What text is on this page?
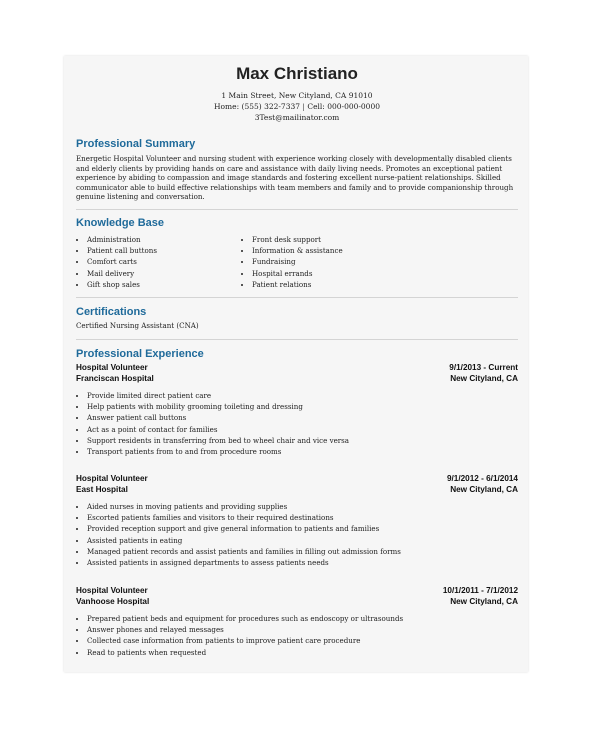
Max Christiano
1 Main Street, New Cityland, CA 91010
Home: (555) 322-7337 | Cell: 000-000-0000
3Test@mailinator.com
Professional Summary
Energetic Hospital Volunteer and nursing student with experience working closely with developmentally disabled clients and elderly clients by providing hands on care and assistance with daily living needs. Promotes an exceptional patient experience by abiding to compassion and image standards and fostering excellent nurse-patient relationships. Skilled communicator able to build effective relationships with team members and family and to provide companionship through genuine listening and conversation.
Knowledge Base
• Administration
• Patient call buttons
• Comfort carts
• Mail delivery
• Gift shop sales
• Front desk support
• Information & assistance
• Fundraising
• Hospital errands
• Patient relations
Certifications
Certified Nursing Assistant (CNA)
Professional Experience
Hospital Volunteer	9/1/2013 - Current
Franciscan Hospital	New Cityland, CA
• Provide limited direct patient care
• Help patients with mobility grooming toileting and dressing
• Answer patient call buttons
• Act as a point of contact for families
• Support residents in transferring from bed to wheel chair and vice versa
• Transport patients from to and from procedure rooms
Hospital Volunteer	9/1/2012 - 6/1/2014
East Hospital	New Cityland, CA
• Aided nurses in moving patients and providing supplies
• Escorted patients families and visitors to their required destinations
• Provided reception support and give general information to patients and families
• Assisted patients in eating
• Managed patient records and assist patients and families in filling out admission forms
• Assisted patients in assigned departments to assess patients needs
Hospital Volunteer	10/1/2011 - 7/1/2012
Vanhoose Hospital	New Cityland, CA
• Prepared patient beds and equipment for procedures such as endoscopy or ultrasounds
• Answer phones and relayed messages
• Collected case information from patients to improve patient care procedure
• Read to patients when requested
